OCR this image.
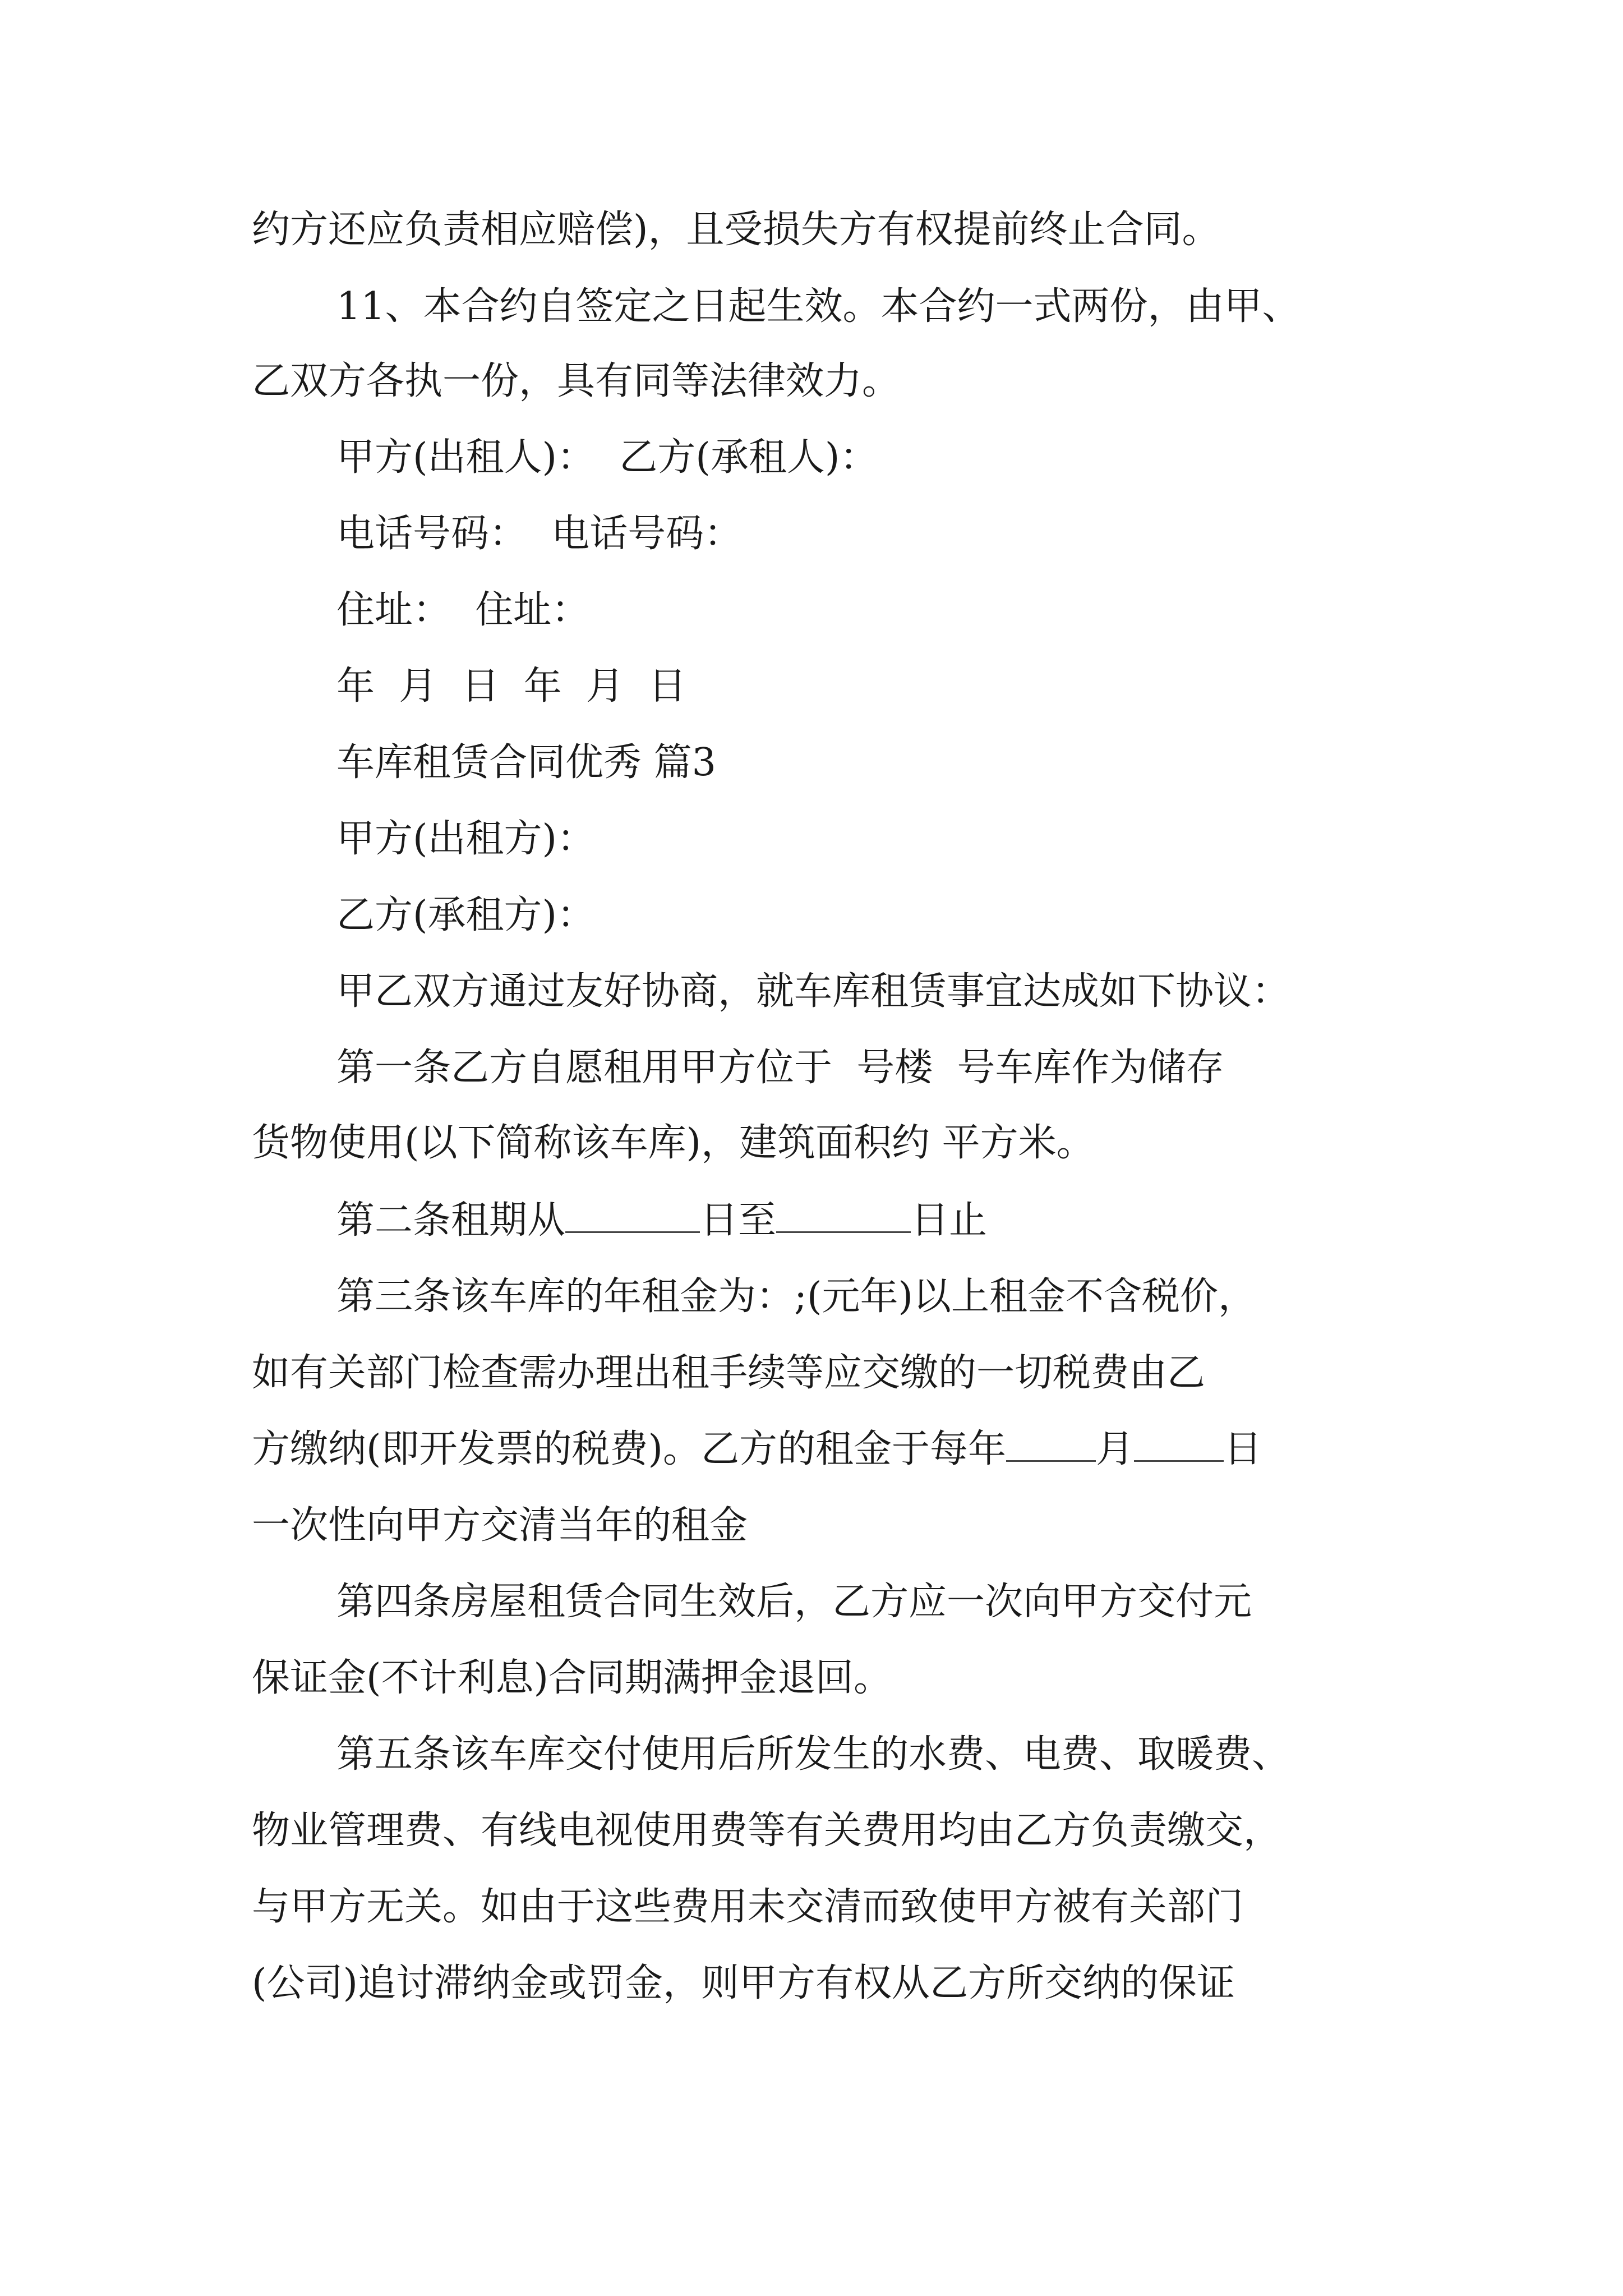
约方还应负责相应赔偿)，且受损失方有权提前终止合同。

11、本合约自签定之日起生效。本合约一式两份，由甲、

乙双方各执一份，具有同等法律效力。

甲方(出租人)：  乙方(承租人)：

电话号码：  电话号码：

住址：  住址：

年  月  日  年  月  日

车库租赁合同优秀 篇3

甲方(出租方)：

乙方(承租方)：

甲乙双方通过友好协商，就车库租赁事宜达成如下协议：

第一条乙方自愿租用甲方位于  号楼  号车库作为储存

货物使用(以下简称该车库)，建筑面积约 平方米。

第二条租期从	日至	日止

第三条该车库的年租金为：;(元年)以上租金不含税价，

如有关部门检查需办理出租手续等应交缴的一切税费由乙

方缴纳(即开发票的税费)。乙方的租金于每年 月 日

一次性向甲方交清当年的租金

第四条房屋租赁合同生效后，乙方应一次向甲方交付元

保证金(不计利息)合同期满押金退回。

第五条该车库交付使用后所发生的水费、电费、取暖费、

物业管理费、有线电视使用费等有关费用均由乙方负责缴交，

与甲方无关。如由于这些费用未交清而致使甲方被有关部门

(公司)追讨滞纳金或罚金，则甲方有权从乙方所交纳的保证
